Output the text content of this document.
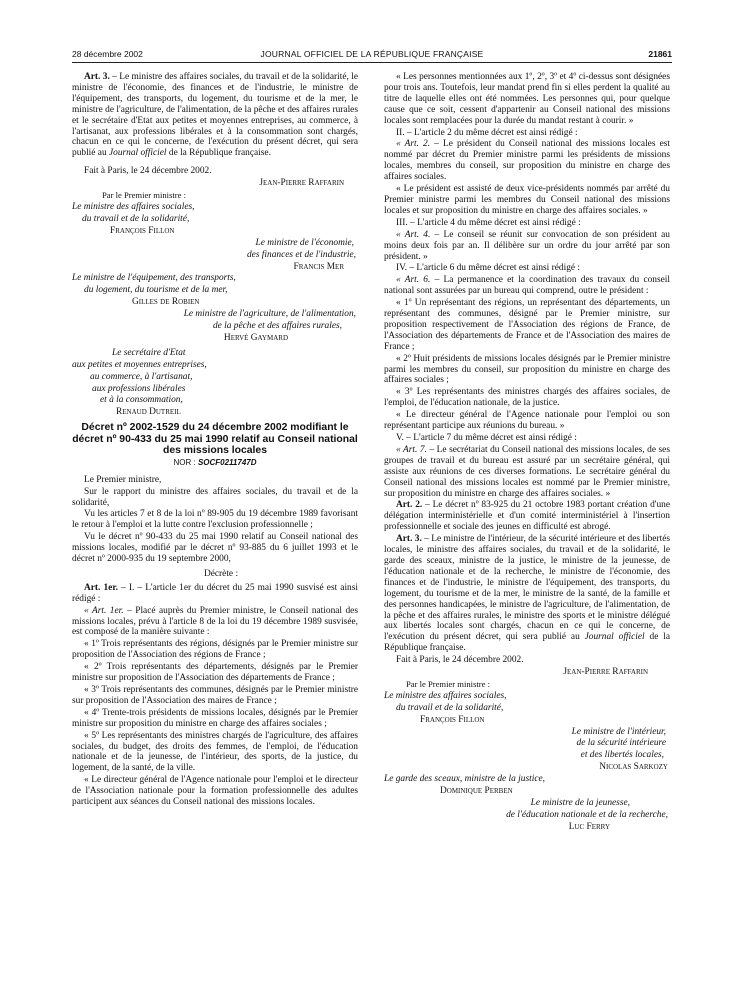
28 décembre 2002	JOURNAL OFFICIEL DE LA RÉPUBLIQUE FRANÇAISE	21861

Art. 3. – Le ministre des affaires sociales, du travail et de la solidarité, le ministre de l'économie, des finances et de l'industrie, le ministre de l'équipement, des transports, du logement, du tourisme et de la mer, le ministre de l'agriculture, de l'alimentation, de la pêche et des affaires rurales et le secrétaire d'Etat aux petites et moyennes entreprises, au commerce, à l'artisanat, aux professions libérales et à la consommation sont chargés, chacun en ce qui le concerne, de l'exécution du présent décret, qui sera publié au Journal officiel de la République française.

Fait à Paris, le 24 décembre 2002.

Jean-Pierre Raffarin
Par le Premier ministre :
Le ministre des affaires sociales,
du travail et de la solidarité,
François Fillon
Le ministre de l'économie,
des finances et de l'industrie,
Francis Mer
Le ministre de l'équipement, des transports,
du logement, du tourisme et de la mer,
Gilles de Robien
Le ministre de l'agriculture, de l'alimentation,
de la pêche et des affaires rurales,
Hervé Gaymard
Le secrétaire d'Etat
aux petites et moyennes entreprises,
au commerce, à l'artisanat,
aux professions libérales
et à la consommation,
Renaud Dutreil
Décret nº 2002-1529 du 24 décembre 2002 modifiant le décret nº 90-433 du 25 mai 1990 relatif au Conseil national des missions locales
NOR : SOCF0211747D

Le Premier ministre,

Sur le rapport du ministre des affaires sociales, du travail et de la solidarité,

Vu les articles 7 et 8 de la loi nº 89-905 du 19 décembre 1989 favorisant le retour à l'emploi et la lutte contre l'exclusion professionnelle ;

Vu le décret nº 90-433 du 25 mai 1990 relatif au Conseil national des missions locales, modifié par le décret nº 93-885 du 6 juillet 1993 et le décret nº 2000-935 du 19 septembre 2000,

Décrète :

Art. 1er. – I. – L'article 1er du décret du 25 mai 1990 susvisé est ainsi rédigé :

« Art. 1er. – Placé auprès du Premier ministre, le Conseil national des missions locales, prévu à l'article 8 de la loi du 19 décembre 1989 susvisée, est composé de la manière suivante :

« 1º Trois représentants des régions, désignés par le Premier ministre sur proposition de l'Association des régions de France ;

« 2º Trois représentants des départements, désignés par le Premier ministre sur proposition de l'Association des départements de France ;

« 3º Trois représentants des communes, désignés par le Premier ministre sur proposition de l'Association des maires de France ;

« 4º Trente-trois présidents de missions locales, désignés par le Premier ministre sur proposition du ministre en charge des affaires sociales ;

« 5º Les représentants des ministres chargés de l'agriculture, des affaires sociales, du budget, des droits des femmes, de l'emploi, de l'éducation nationale et de la jeunesse, de l'intérieur, des sports, de la justice, du logement, de la santé, de la ville.

« Le directeur général de l'Agence nationale pour l'emploi et le directeur de l'Association nationale pour la formation professionnelle des adultes participent aux séances du Conseil national des missions locales.

« Les personnes mentionnées aux 1º, 2º, 3º et 4º ci-dessus sont désignées pour trois ans. Toutefois, leur mandat prend fin si elles perdent la qualité au titre de laquelle elles ont été nommées. Les personnes qui, pour quelque cause que ce soit, cessent d'appartenir au Conseil national des missions locales sont remplacées pour la durée du mandat restant à courir. »

II. – L'article 2 du même décret est ainsi rédigé :

« Art. 2. – Le président du Conseil national des missions locales est nommé par décret du Premier ministre parmi les présidents de missions locales, membres du conseil, sur proposition du ministre en charge des affaires sociales.

« Le président est assisté de deux vice-présidents nommés par arrêté du Premier ministre parmi les membres du Conseil national des missions locales et sur proposition du ministre en charge des affaires sociales. »

III. – L'article 4 du même décret est ainsi rédigé :

« Art. 4. – Le conseil se réunit sur convocation de son président au moins deux fois par an. Il délibère sur un ordre du jour arrêté par son président. »

IV. – L'article 6 du même décret est ainsi rédigé :

« Art. 6. – La permanence et la coordination des travaux du conseil national sont assurées par un bureau qui comprend, outre le président :

« 1º Un représentant des régions, un représentant des départements, un représentant des communes, désigné par le Premier ministre, sur proposition respectivement de l'Association des régions de France, de l'Association des départements de France et de l'Association des maires de France ;

« 2º Huit présidents de missions locales désignés par le Premier ministre parmi les membres du conseil, sur proposition du ministre en charge des affaires sociales ;

« 3º Les représentants des ministres chargés des affaires sociales, de l'emploi, de l'éducation nationale, de la justice.

« Le directeur général de l'Agence nationale pour l'emploi ou son représentant participe aux réunions du bureau. »

V. – L'article 7 du même décret est ainsi rédigé :

« Art. 7. – Le secrétariat du Conseil national des missions locales, de ses groupes de travail et du bureau est assuré par un secrétaire général, qui assiste aux réunions de ces diverses formations. Le secrétaire général du Conseil national des missions locales est nommé par le Premier ministre, sur proposition du ministre en charge des affaires sociales. »

Art. 2. – Le décret nº 83-925 du 21 octobre 1983 portant création d'une délégation interministérielle et d'un comité interministériel à l'insertion professionnelle et sociale des jeunes en difficulté est abrogé.

Art. 3. – Le ministre de l'intérieur, de la sécurité intérieure et des libertés locales, le ministre des affaires sociales, du travail et de la solidarité, le garde des sceaux, ministre de la justice, le ministre de la jeunesse, de l'éducation nationale et de la recherche, le ministre de l'économie, des finances et de l'industrie, le ministre de l'équipement, des transports, du logement, du tourisme et de la mer, le ministre de la santé, de la famille et des personnes handicapées, le ministre de l'agriculture, de l'alimentation, de la pêche et des affaires rurales, le ministre des sports et le ministre délégué aux libertés locales sont chargés, chacun en ce qui le concerne, de l'exécution du présent décret, qui sera publié au Journal officiel de la République française.

Fait à Paris, le 24 décembre 2002.

Jean-Pierre Raffarin
Par le Premier ministre :
Le ministre des affaires sociales,
du travail et de la solidarité,
François Fillon
Le ministre de l'intérieur,
de la sécurité intérieure
et des libertés locales,
Nicolas Sarkozy
Le garde des sceaux, ministre de la justice,
Dominique Perben
Le ministre de la jeunesse,
de l'éducation nationale et de la recherche,
Luc Ferry
